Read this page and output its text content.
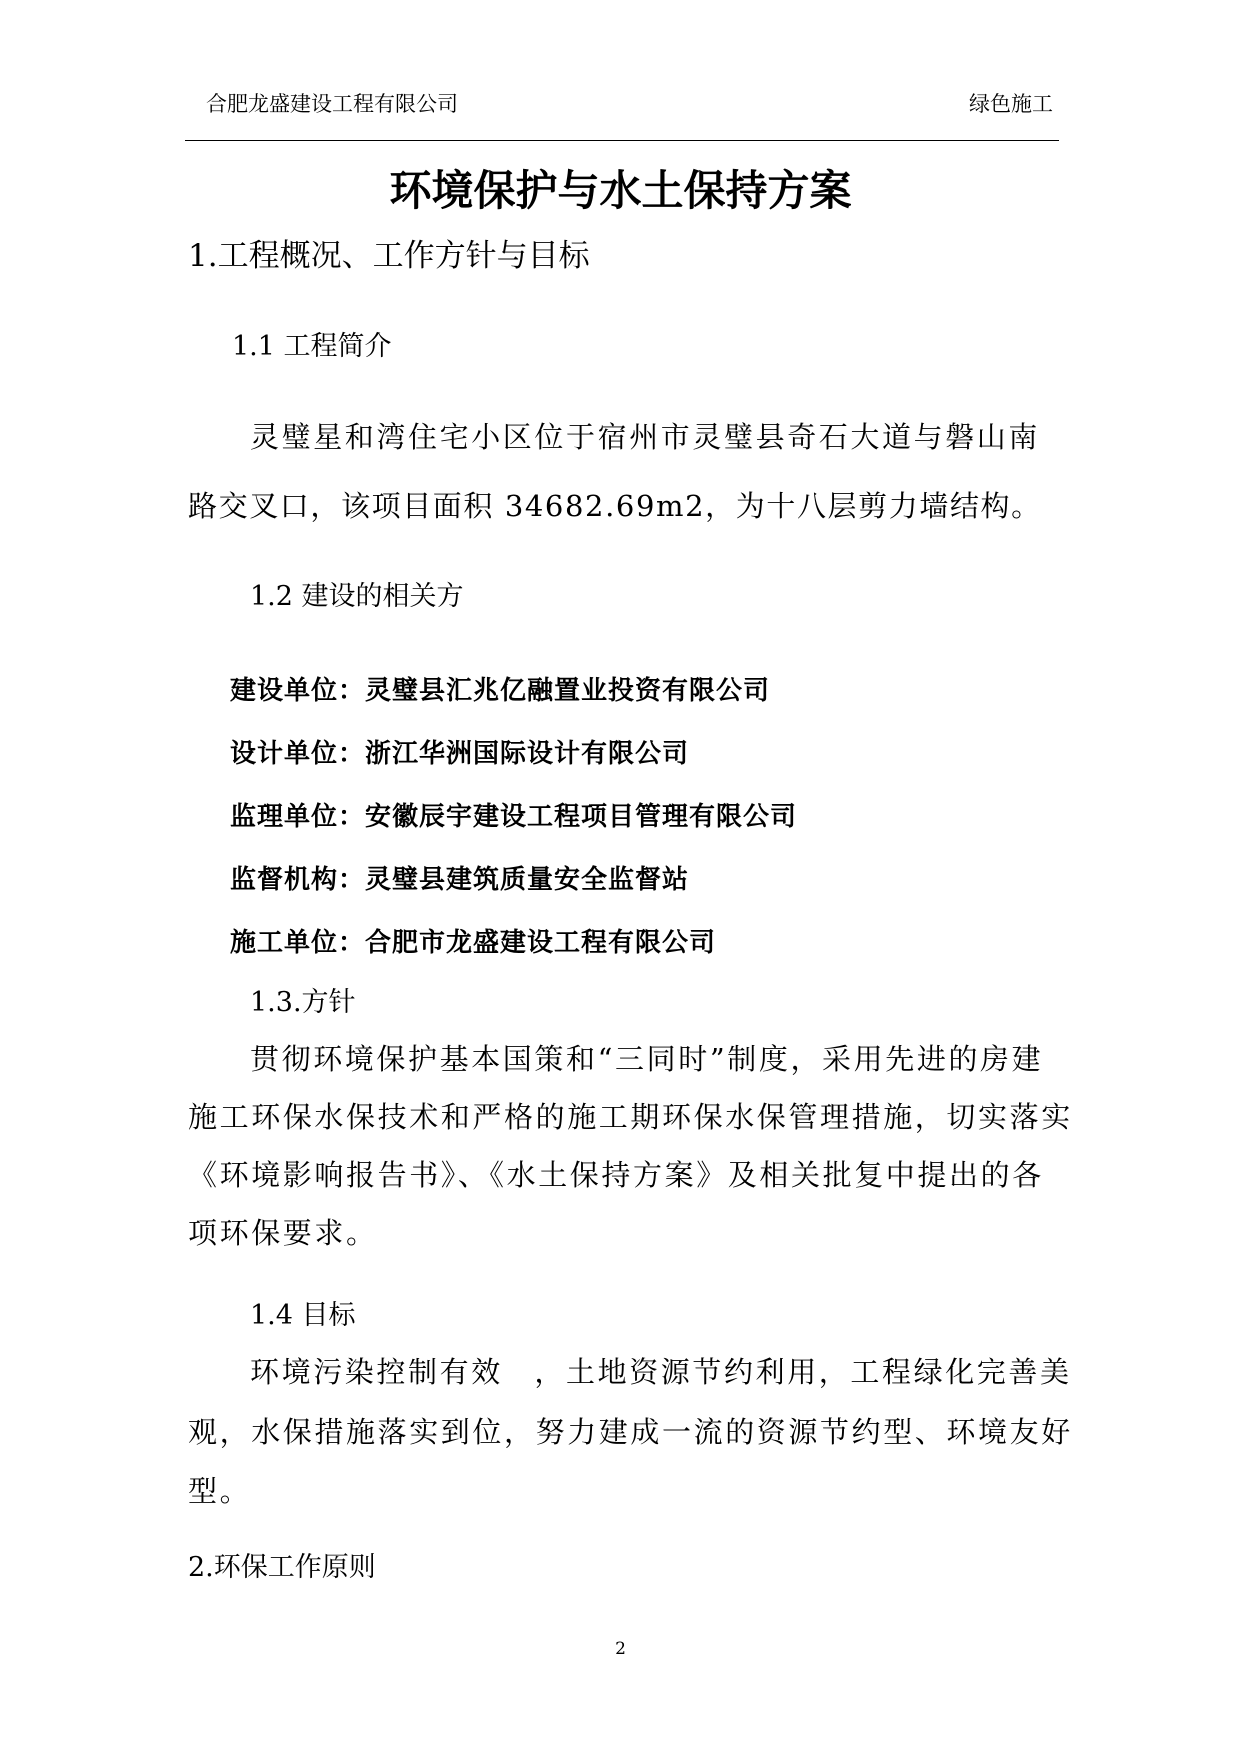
合肥龙盛建设工程有限公司	绿色施工
环境保护与水土保持方案
1.工程概况、工作方针与目标
1.1 工程简介
灵璧星和湾住宅小区位于宿州市灵璧县奇石大道与磐山南
路交叉口，该项目面积 34682.69m2，为十八层剪力墙结构。
1.2 建设的相关方
建设单位：灵璧县汇兆亿融置业投资有限公司
设计单位：浙江华洲国际设计有限公司
监理单位：安徽辰宇建设工程项目管理有限公司
监督机构：灵璧县建筑质量安全监督站
施工单位：合肥市龙盛建设工程有限公司
1.3.方针
贯彻环境保护基本国策和“三同时”制度，采用先进的房建
施工环保水保技术和严格的施工期环保水保管理措施，切实落实
《环境影响报告书》、《水土保持方案》及相关批复中提出的各
项环保要求。
1.4 目标
环境污染控制有效　，土地资源节约利用，工程绿化完善美
观，水保措施落实到位，努力建成一流的资源节约型、环境友好
型。
2.环保工作原则
2
